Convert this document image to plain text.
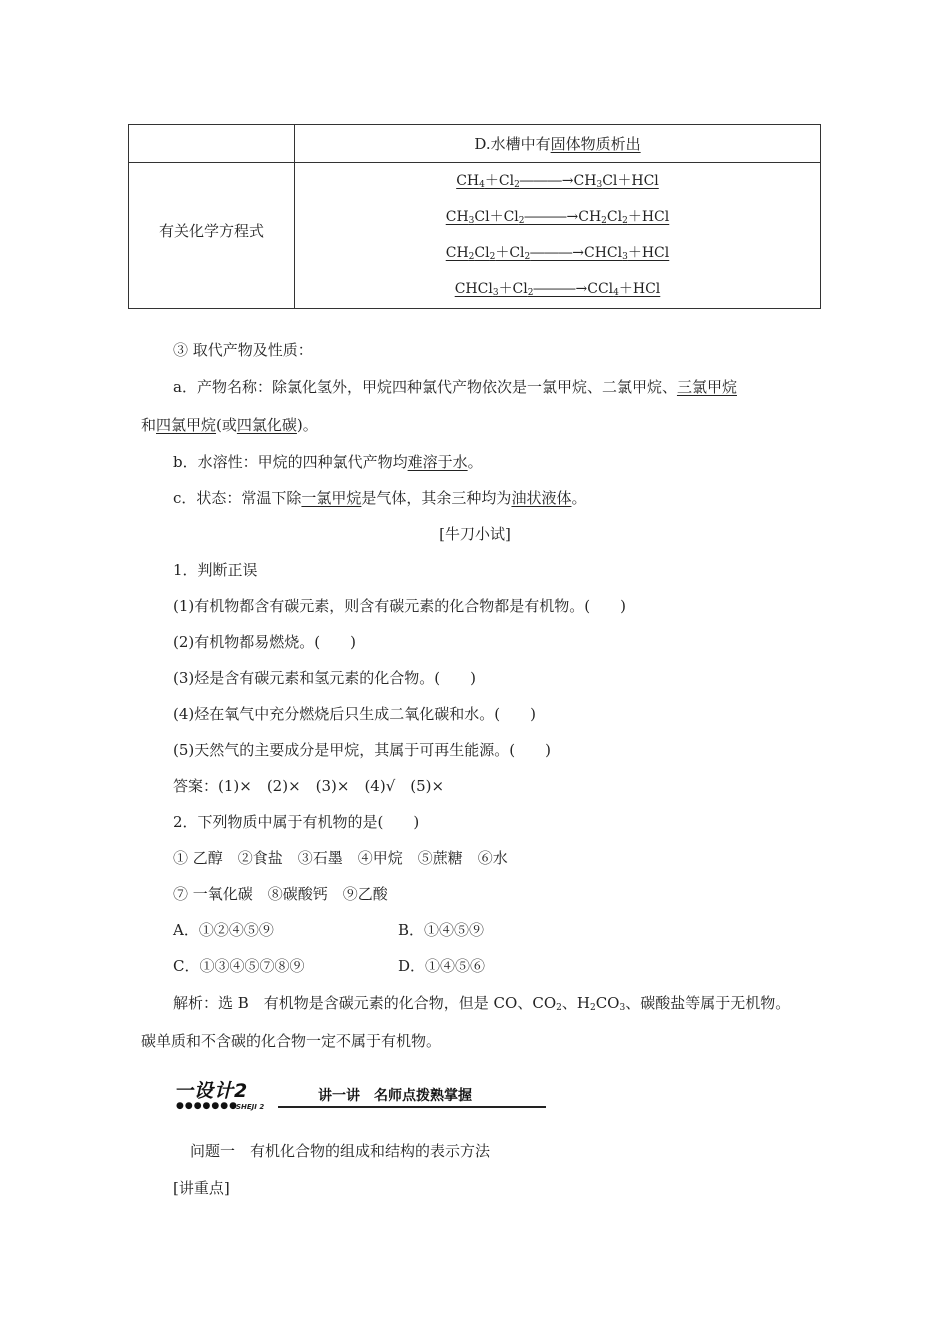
D.水槽中有固体物质析出
有关化学方程式
$CH_4+Cl_2―――\to CH_3Cl+HCl$
$CH_3Cl+Cl_2―――\to CH_2Cl_2+HCl$
$CH_2Cl_2+Cl_2―――\to CHCl_3+HCl$
$CHCl_3+Cl_2―――\to CCl_4+HCl$
③ 取代产物及性质：
a．产物名称：除氯化氢外，甲烷四种氯代产物依次是一氯甲烷、二氯甲烷、三氯甲烷
和四氯甲烷(或四氯化碳)。
b．水溶性：甲烷的四种氯代产物均难溶于水。
c．状态：常温下除一氯甲烷是气体，其余三种均为油状液体。
[牛刀小试]
1．判断正误
(1)有机物都含有碳元素，则含有碳元素的化合物都是有机物。(　　)
(2)有机物都易燃烧。(　　)
(3)烃是含有碳元素和氢元素的化合物。(　　)
(4)烃在氧气中充分燃烧后只生成二氧化碳和水。(　　)
(5)天然气的主要成分是甲烷，其属于可再生能源。(　　)
答案：(1)×　(2)×　(3)×　(4)√　(5)×
2．下列物质中属于有机物的是(　　)
① 乙醇　②食盐　③石墨　④甲烷　⑤蔗糖　⑥水
⑦ 一氧化碳　⑧碳酸钙　⑨乙酸
A．①②④⑤⑨	B．①④⑤⑨
C．①③④⑤⑦⑧⑨	D．①④⑤⑥
解析：选 B　有机物是含碳元素的化合物，但是 CO、$CO_2$、$H_2CO_3$、碳酸盐等属于无机物。
碳单质和不含碳的化合物一定不属于有机物。
一设计2
●●●●●●●
SHEJI 2
讲一讲　名师点拨熟掌握
问题一　有机化合物的组成和结构的表示方法
[讲重点]
